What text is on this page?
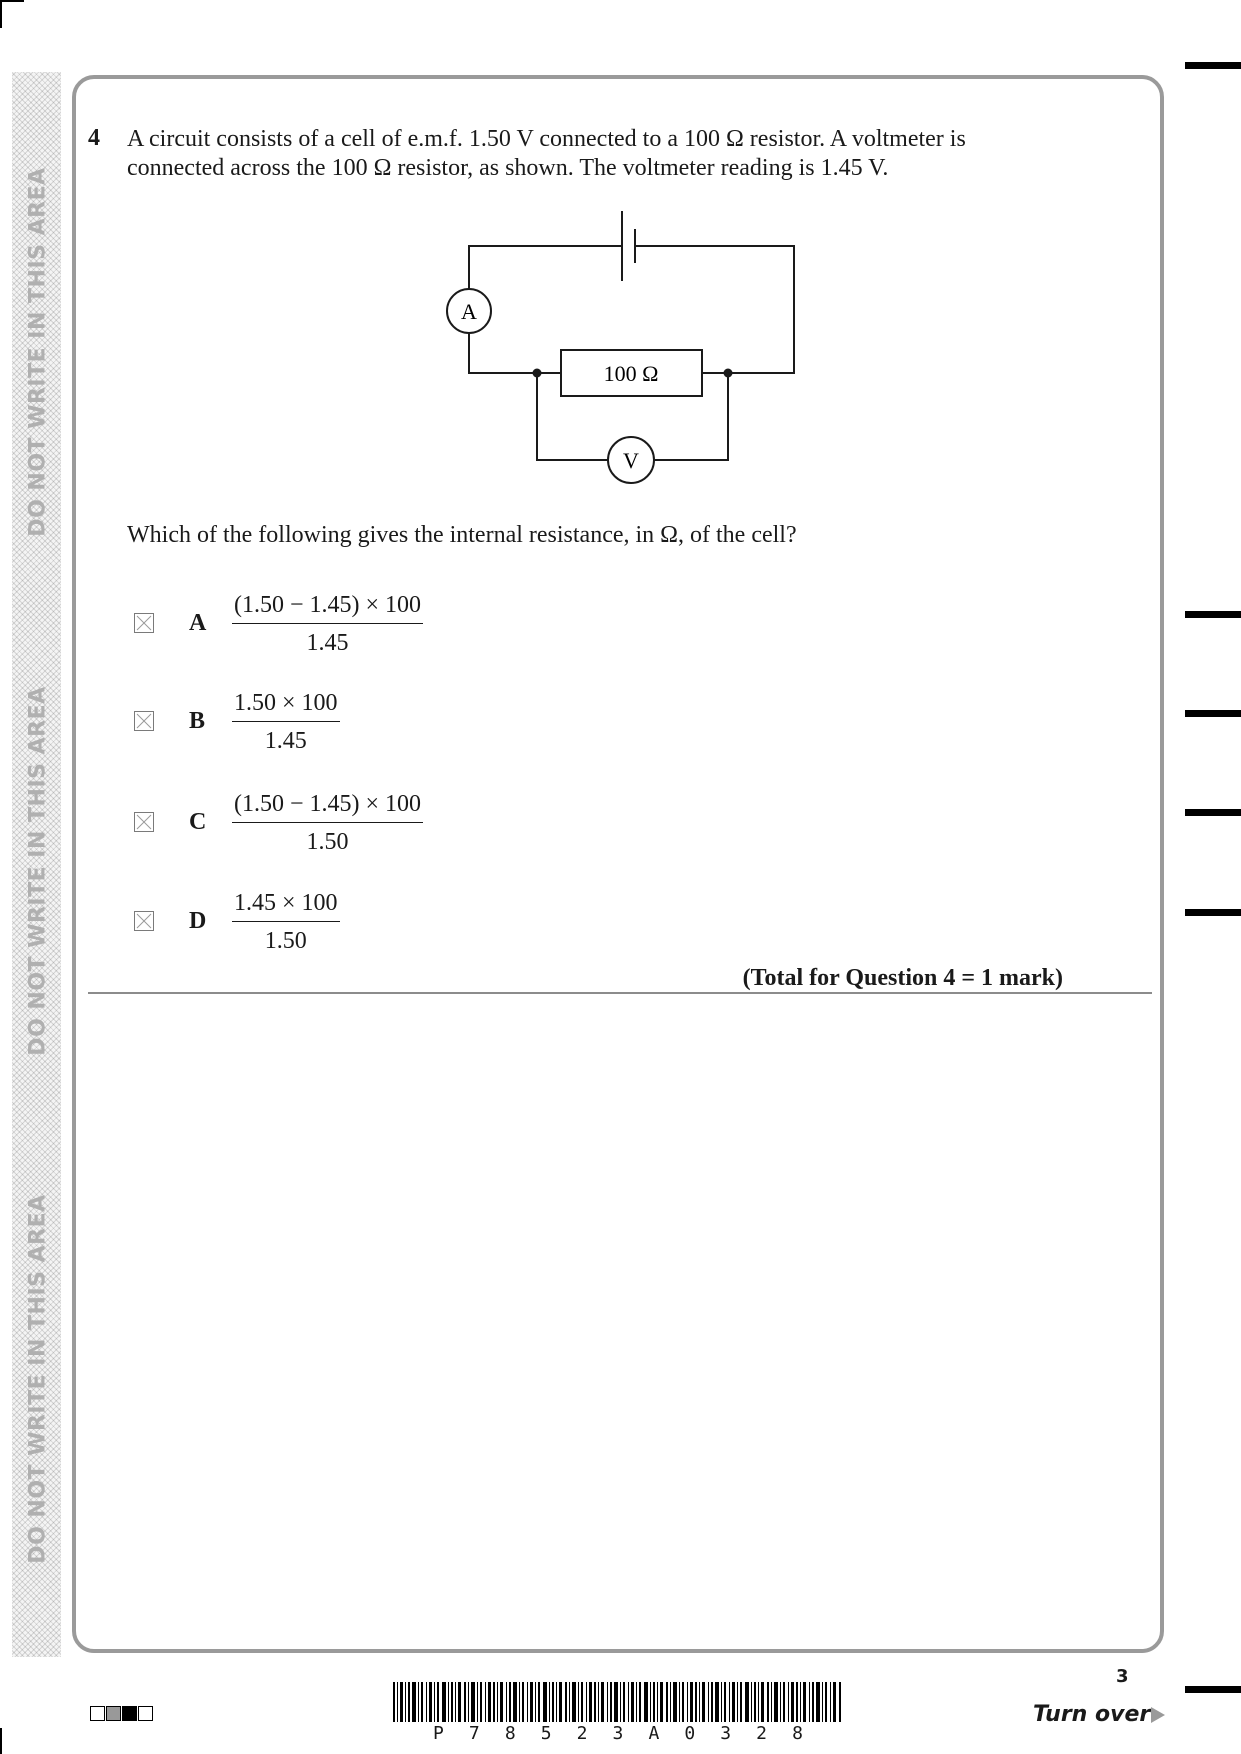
DO NOT WRITE IN THIS AREA
DO NOT WRITE IN THIS AREA
DO NOT WRITE IN THIS AREA
4 A circuit consists of a cell of e.m.f. 1.50 V connected to a 100 Ω resistor. A voltmeter is

connected across the 100 Ω resistor, as shown. The voltmeter reading is 1.45 V.

A
V
100 Ω
Which of the following gives the internal resistance, in Ω, of the cell?
A $\frac{(1.50 - 1.45) \times 100}{1.45}$
B $\frac{1.50 \times 100}{1.45}$
C $\frac{(1.50 - 1.45) \times 100}{1.50}$
D $\frac{1.45 \times 100}{1.50}$
(Total for Question 4 = 1 mark)
P 7 8 5 2 3 A 0 3 2 8
3
Turn over
